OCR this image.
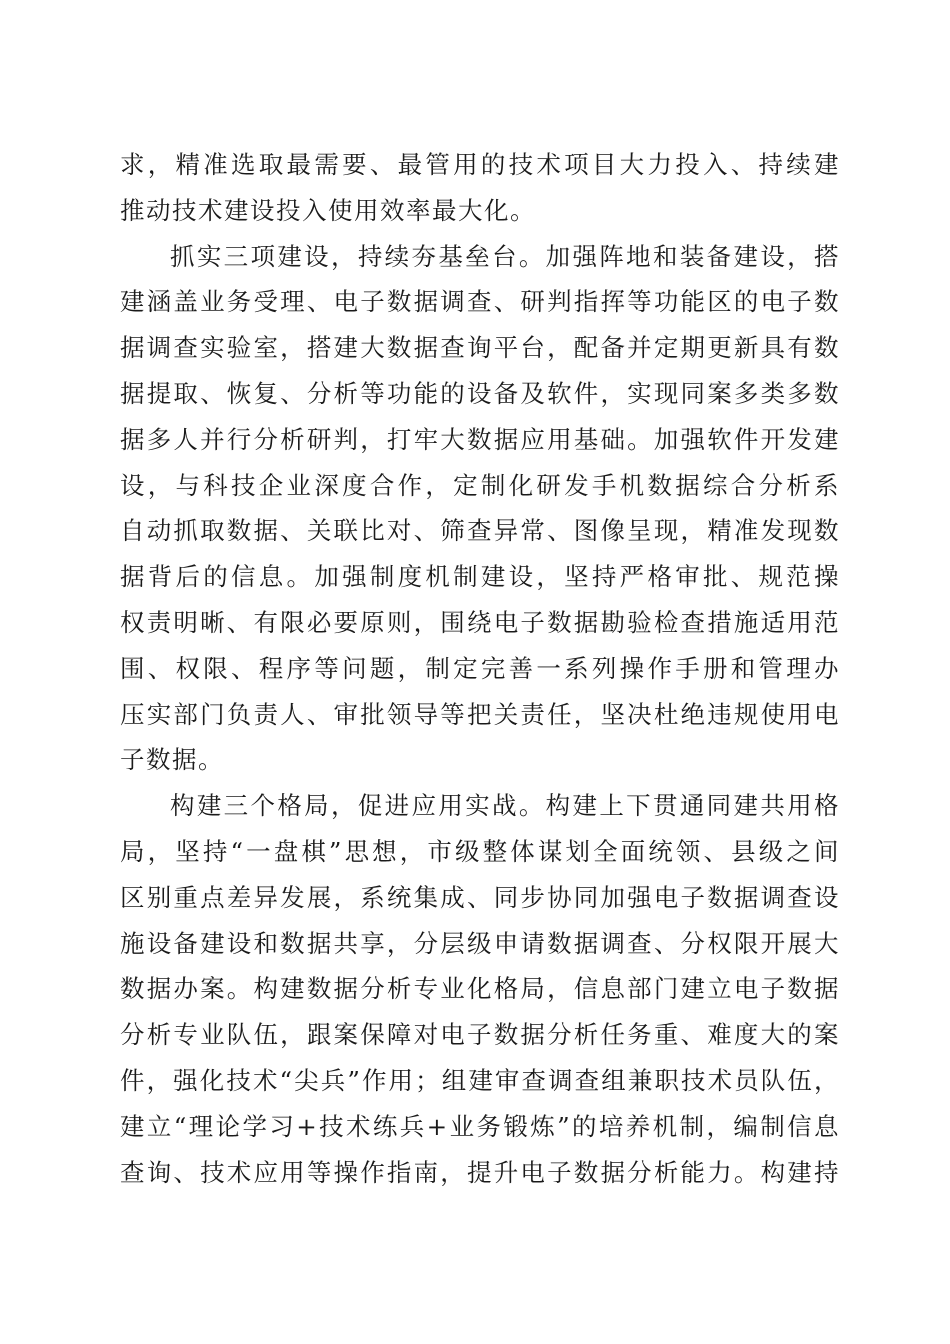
求，精准选取最需要、最管用的技术项目大力投入、持续建
推动技术建设投入使用效率最大化。
抓实三项建设，持续夯基垒台。加强阵地和装备建设，搭
建涵盖业务受理、电子数据调查、研判指挥等功能区的电子数
据调查实验室，搭建大数据查询平台，配备并定期更新具有数
据提取、恢复、分析等功能的设备及软件，实现同案多类多数
据多人并行分析研判，打牢大数据应用基础。加强软件开发建
设，与科技企业深度合作，定制化研发手机数据综合分析系
自动抓取数据、关联比对、筛查异常、图像呈现，精准发现数
据背后的信息。加强制度机制建设，坚持严格审批、规范操
权责明晰、有限必要原则，围绕电子数据勘验检查措施适用范
围、权限、程序等问题，制定完善一系列操作手册和管理办
压实部门负责人、审批领导等把关责任，坚决杜绝违规使用电
子数据。
构建三个格局，促进应用实战。构建上下贯通同建共用格
局，坚持“一盘棋”思想，市级整体谋划全面统领、县级之间
区别重点差异发展，系统集成、同步协同加强电子数据调查设
施设备建设和数据共享，分层级申请数据调查、分权限开展大
数据办案。构建数据分析专业化格局，信息部门建立电子数据
分析专业队伍，跟案保障对电子数据分析任务重、难度大的案
件，强化技术“尖兵”作用；组建审查调查组兼职技术员队伍，
建立“理论学习+技术练兵+业务锻炼”的培养机制，编制信息
查询、技术应用等操作指南，提升电子数据分析能力。构建持
